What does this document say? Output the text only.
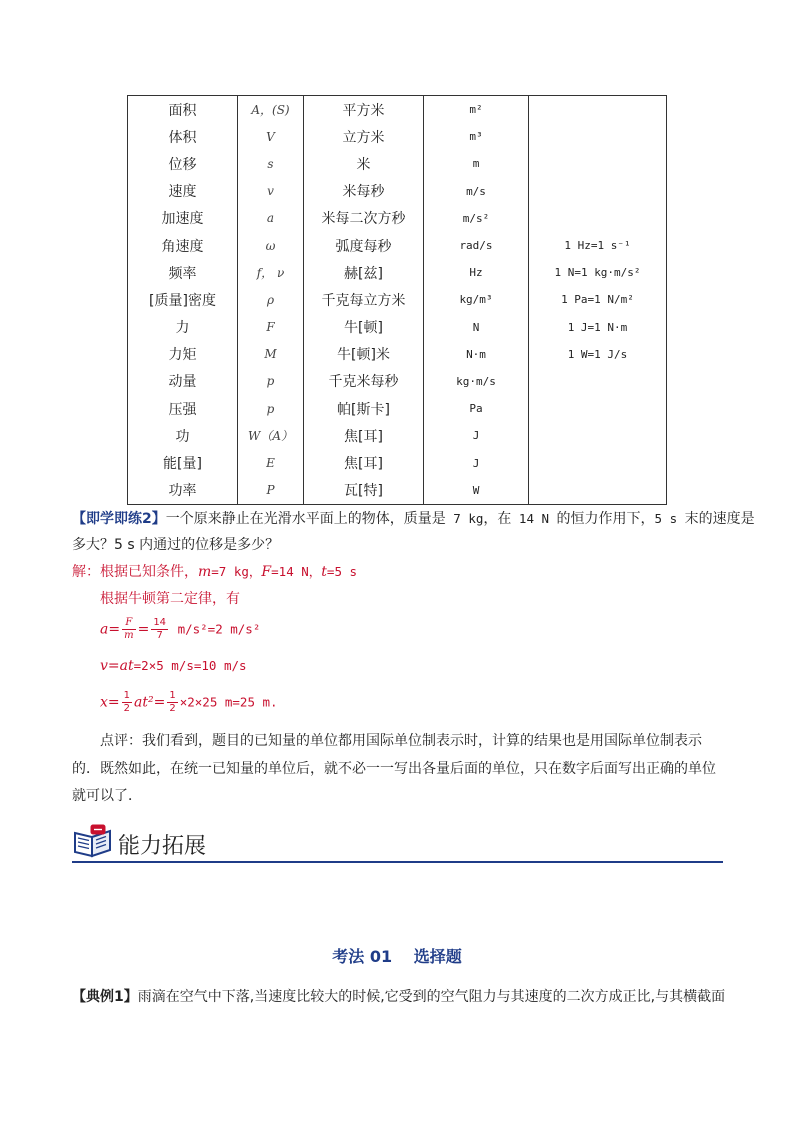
面积	A，(S)	平方米	m²	
体积	V	立方米	m³	
位移	s	米	m	
速度	v	米每秒	m/s	
加速度	a	米每二次方秒	m/s²	
角速度	ω	弧度每秒	rad/s	1 Hz=1 s⁻¹
频率	f， ν	赫[兹]	Hz	1 N=1 kg·m/s²
[质量]密度	ρ	千克每立方米	kg/m³	1 Pa=1 N/m²
力	F	牛[顿]	N	1 J=1 N·m
力矩	M	牛[顿]米	N·m	1 W=1 J/s
动量	p	千克米每秒	kg·m/s	
压强	p	帕[斯卡]	Pa	
功	W（A）	焦[耳]	J	
能[量]	E	焦[耳]	J	
功率	P	瓦[特]	W	
【即学即练2】一个原来静止在光滑水平面上的物体，质量是 7 kg，在 14 N 的恒力作用下，5 s 末的速度是
多大？5 s 内通过的位移是多少？
解：根据已知条件，m=7 kg，F=14 N，t=5 s
根据牛顿第二定律，有
$a= \frac{F}{m} = \frac{14}{7} m/s^2=2$ m/s²
v=at=2×5 m/s=10 m/s
$x= \frac{1}{2} at^2= \frac{1}{2} \times 2\times 25$ m=25 m.
点评：我们看到，题目的已知量的单位都用国际单位制表示时，计算的结果也是用国际单位制表示
的．既然如此，在统一已知量的单位后，就不必一一写出各量后面的单位，只在数字后面写出正确的单位
就可以了．
能力拓展
考法 01　 选择题
【典例1】雨滴在空气中下落,当速度比较大的时候,它受到的空气阻力与其速度的二次方成正比,与其横截面
